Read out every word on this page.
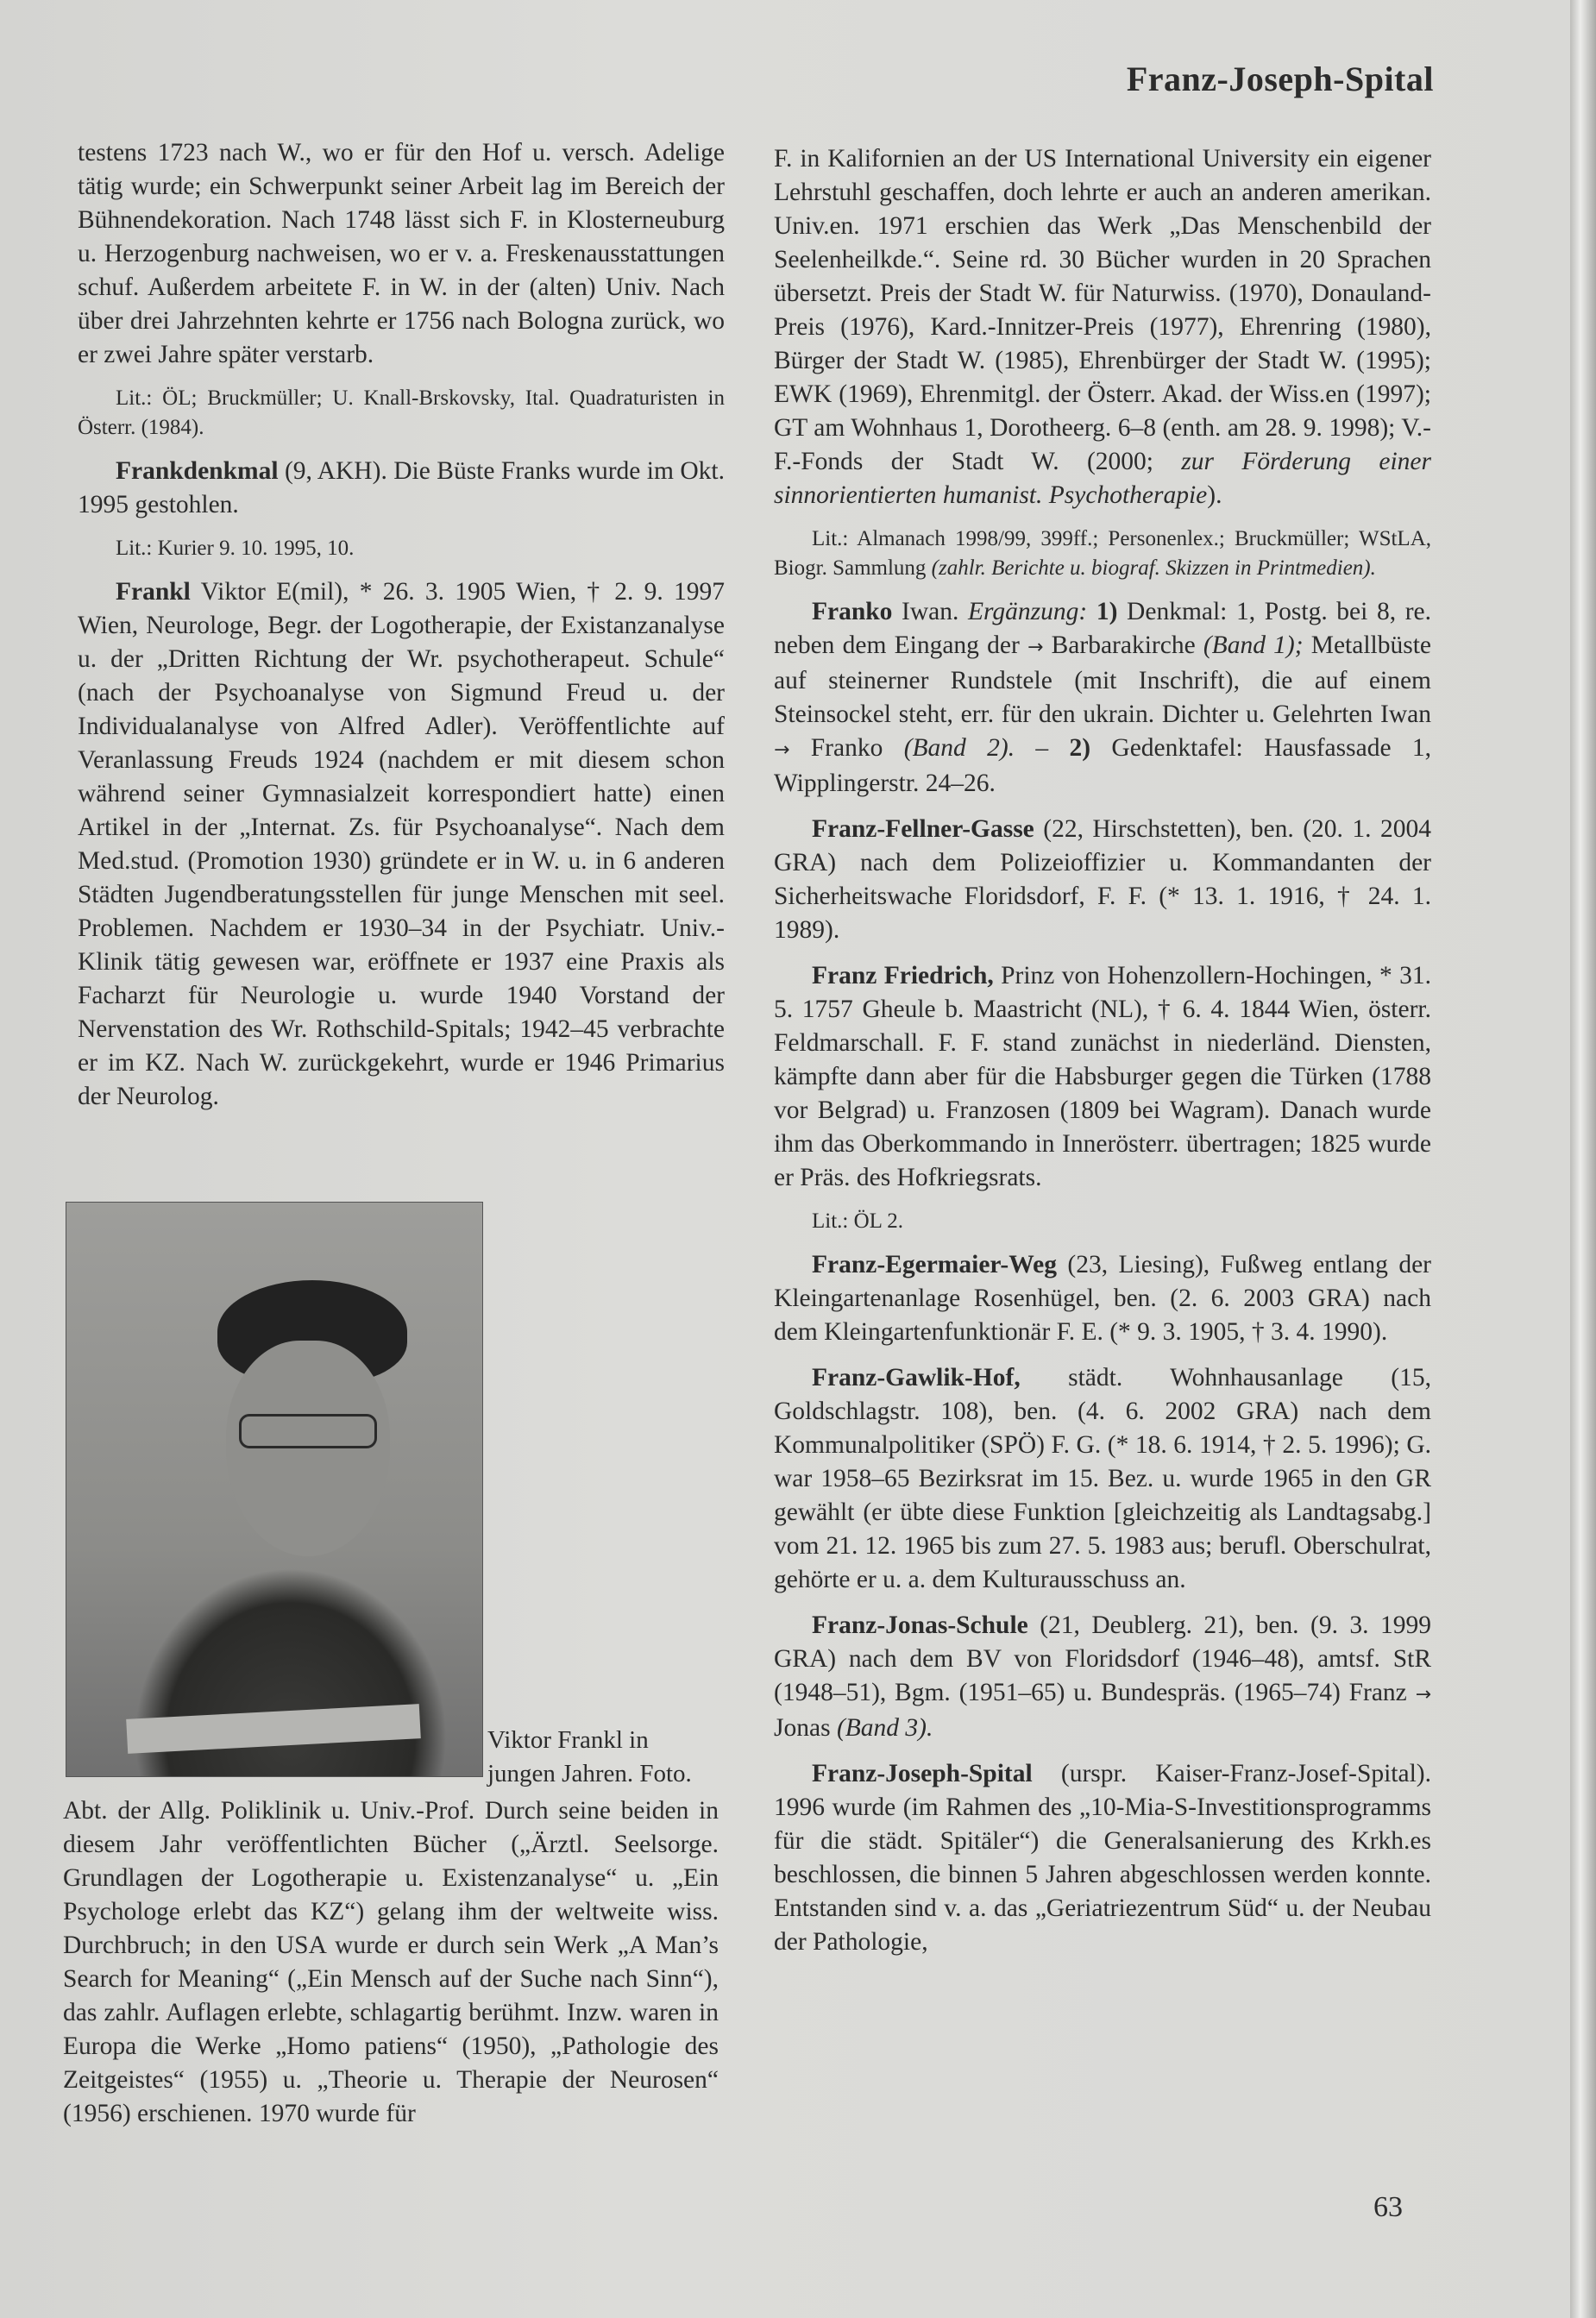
Franz-Joseph-Spital

testens 1723 nach W., wo er für den Hof u. versch. Adelige tätig wurde; ein Schwerpunkt seiner Arbeit lag im Bereich der Bühnendekoration. Nach 1748 lässt sich F. in Klosterneuburg u. Herzogenburg nachweisen, wo er v. a. Freskenausstattungen schuf. Außerdem arbeitete F. in W. in der (alten) Univ. Nach über drei Jahrzehnten kehrte er 1756 nach Bologna zurück, wo er zwei Jahre später verstarb.

Lit.: ÖL; Bruckmüller; U. Knall-Brskovsky, Ital. Quadraturisten in Österr. (1984).

Frankdenkmal (9, AKH). Die Büste Franks wurde im Okt. 1995 gestohlen.

Lit.: Kurier 9. 10. 1995, 10.

Frankl Viktor E(mil), * 26. 3. 1905 Wien, † 2. 9. 1997 Wien, Neurologe, Begr. der Logotherapie, der Existanzanalyse u. der „Dritten Richtung der Wr. psychotherapeut. Schule“ (nach der Psychoanalyse von Sigmund Freud u. der Individualanalyse von Alfred Adler). Veröffentlichte auf Veranlassung Freuds 1924 (nachdem er mit diesem schon während seiner Gymnasialzeit korrespondiert hatte) einen Artikel in der „Internat. Zs. für Psychoanalyse“. Nach dem Med.stud. (Promotion 1930) gründete er in W. u. in 6 anderen Städten Jugendberatungsstellen für junge Menschen mit seel. Problemen. Nachdem er 1930–34 in der Psychiatr. Univ.-Klinik tätig gewesen war, eröffnete er 1937 eine Praxis als Facharzt für Neurologie u. wurde 1940 Vorstand der Nervenstation des Wr. Rothschild-Spitals; 1942–45 verbrachte er im KZ. Nach W. zurückgekehrt, wurde er 1946 Primarius der Neurolog.

Viktor Frankl in jungen Jahren. Foto.

Abt. der Allg. Poliklinik u. Univ.-Prof. Durch seine beiden in diesem Jahr veröffentlichten Bücher („Ärztl. Seelsorge. Grundlagen der Logotherapie u. Existenzanalyse“ u. „Ein Psychologe erlebt das KZ“) gelang ihm der weltweite wiss. Durchbruch; in den USA wurde er durch sein Werk „A Man’s Search for Meaning“ („Ein Mensch auf der Suche nach Sinn“), das zahlr. Auflagen erlebte, schlagartig berühmt. Inzw. waren in Europa die Werke „Homo patiens“ (1950), „Pathologie des Zeitgeistes“ (1955) u. „Theorie u. Therapie der Neurosen“ (1956) erschienen. 1970 wurde für

F. in Kalifornien an der US International University ein eigener Lehrstuhl geschaffen, doch lehrte er auch an anderen amerikan. Univ.en. 1971 erschien das Werk „Das Menschenbild der Seelenheilkde.“. Seine rd. 30 Bücher wurden in 20 Sprachen übersetzt. Preis der Stadt W. für Naturwiss. (1970), Donauland-Preis (1976), Kard.-Innitzer-Preis (1977), Ehrenring (1980), Bürger der Stadt W. (1985), Ehrenbürger der Stadt W. (1995); EWK (1969), Ehrenmitgl. der Österr. Akad. der Wiss.en (1997); GT am Wohnhaus 1, Dorotheerg. 6–8 (enth. am 28. 9. 1998); V.-F.-Fonds der Stadt W. (2000; zur Förderung einer sinnorientierten humanist. Psychotherapie).

Lit.: Almanach 1998/99, 399ff.; Personenlex.; Bruckmüller; WStLA, Biogr. Sammlung (zahlr. Berichte u. biograf. Skizzen in Printmedien).

Franko Iwan. Ergänzung: 1) Denkmal: 1, Postg. bei 8, re. neben dem Eingang der → Barbarakirche (Band 1); Metallbüste auf steinerner Rundstele (mit Inschrift), die auf einem Steinsockel steht, err. für den ukrain. Dichter u. Gelehrten Iwan → Franko (Band 2). – 2) Gedenktafel: Hausfassade 1, Wipplingerstr. 24–26.

Franz-Fellner-Gasse (22, Hirschstetten), ben. (20. 1. 2004 GRA) nach dem Polizeioffizier u. Kommandanten der Sicherheitswache Floridsdorf, F. F. (* 13. 1. 1916, † 24. 1. 1989).

Franz Friedrich, Prinz von Hohenzollern-Hochingen, * 31. 5. 1757 Gheule b. Maastricht (NL), † 6. 4. 1844 Wien, österr. Feldmarschall. F. F. stand zunächst in niederländ. Diensten, kämpfte dann aber für die Habsburger gegen die Türken (1788 vor Belgrad) u. Franzosen (1809 bei Wagram). Danach wurde ihm das Oberkommando in Innerösterr. übertragen; 1825 wurde er Präs. des Hofkriegsrats.

Lit.: ÖL 2.

Franz-Egermaier-Weg (23, Liesing), Fußweg entlang der Kleingartenanlage Rosenhügel, ben. (2. 6. 2003 GRA) nach dem Kleingartenfunktionär F. E. (* 9. 3. 1905, † 3. 4. 1990).

Franz-Gawlik-Hof, städt. Wohnhausanlage (15, Goldschlagstr. 108), ben. (4. 6. 2002 GRA) nach dem Kommunalpolitiker (SPÖ) F. G. (* 18. 6. 1914, † 2. 5. 1996); G. war 1958–65 Bezirksrat im 15. Bez. u. wurde 1965 in den GR gewählt (er übte diese Funktion [gleichzeitig als Landtagsabg.] vom 21. 12. 1965 bis zum 27. 5. 1983 aus; berufl. Oberschulrat, gehörte er u. a. dem Kulturausschuss an.

Franz-Jonas-Schule (21, Deublerg. 21), ben. (9. 3. 1999 GRA) nach dem BV von Floridsdorf (1946–48), amtsf. StR (1948–51), Bgm. (1951–65) u. Bundespräs. (1965–74) Franz → Jonas (Band 3).

Franz-Joseph-Spital (urspr. Kaiser-Franz-Josef-Spital). 1996 wurde (im Rahmen des „10-Mia-S-Investitionsprogramms für die städt. Spitäler“) die Generalsanierung des Krkh.es beschlossen, die binnen 5 Jahren abgeschlossen werden konnte. Entstanden sind v. a. das „Geriatriezentrum Süd“ u. der Neubau der Pathologie,

63
